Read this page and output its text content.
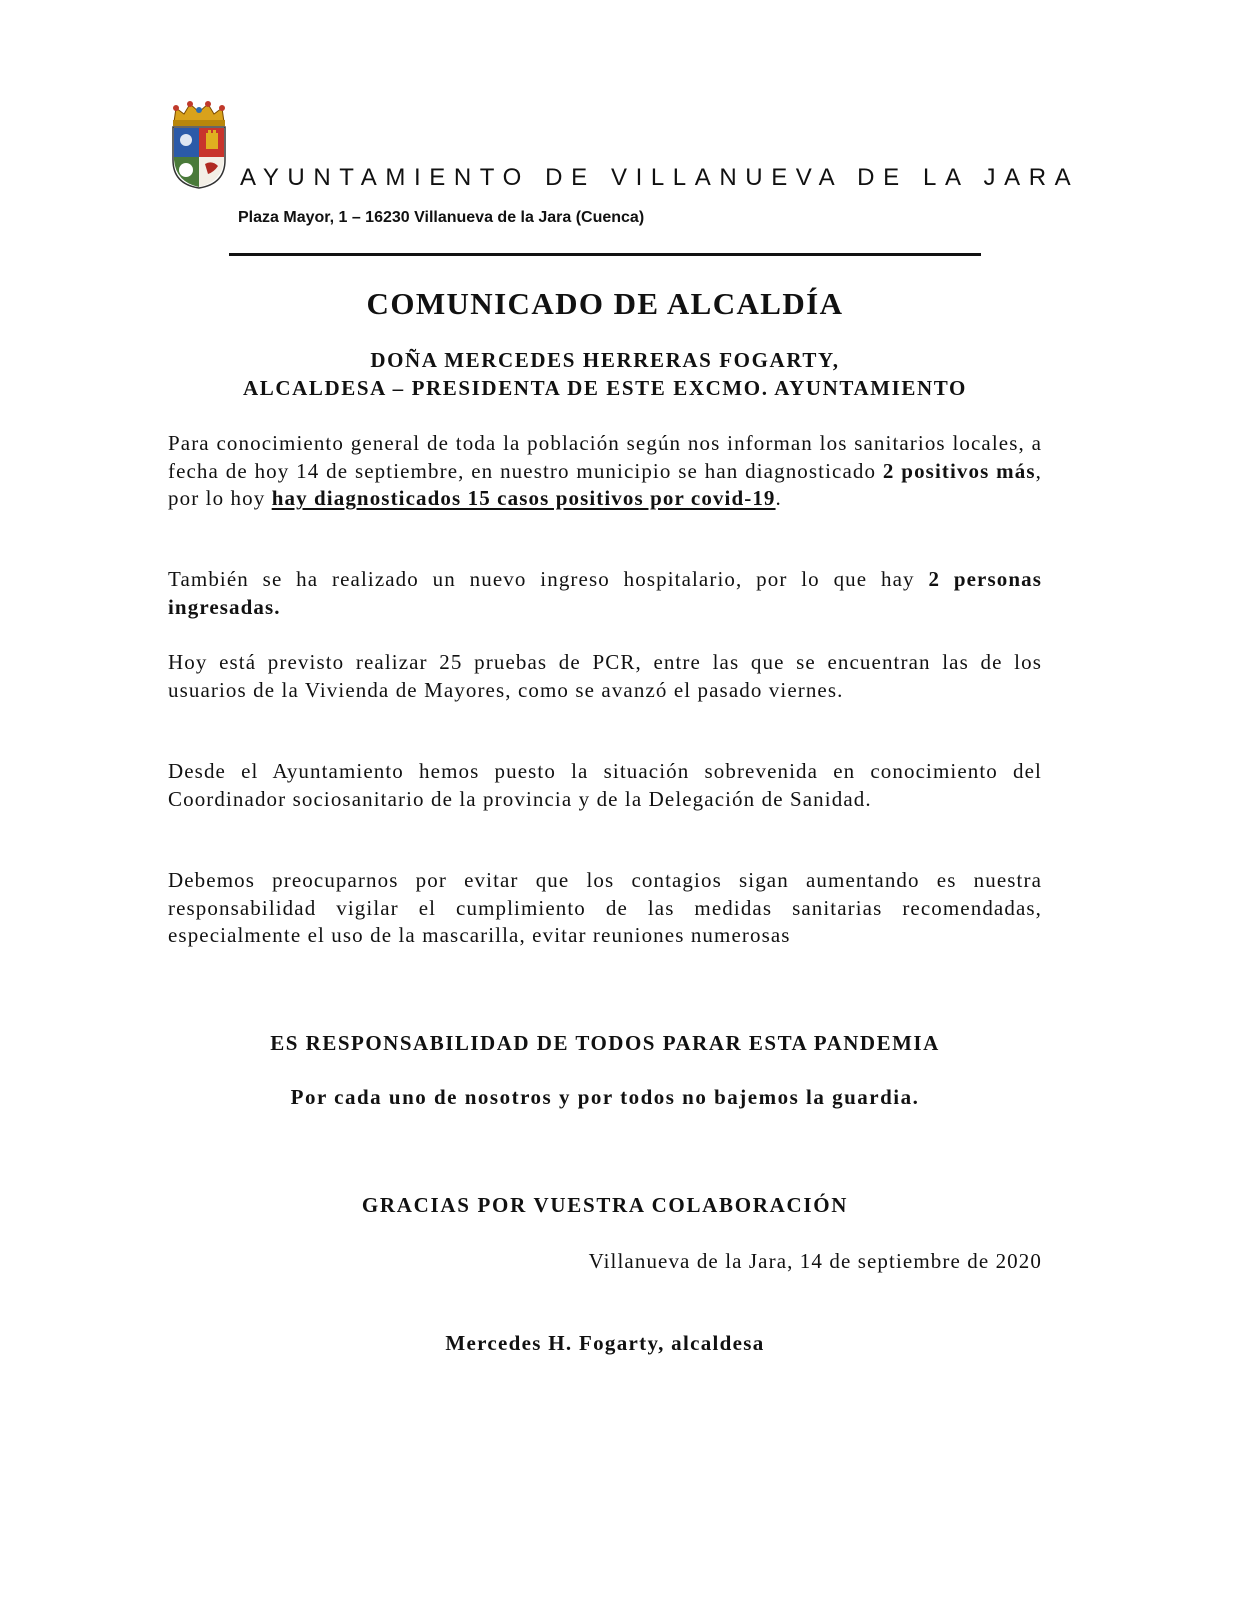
AYUNTAMIENTO DE VILLANUEVA DE LA JARA
Plaza Mayor, 1 – 16230 Villanueva de la Jara (Cuenca)
COMUNICADO DE ALCALDÍA
DOÑA MERCEDES HERRERAS FOGARTY,
ALCALDESA – PRESIDENTA DE ESTE EXCMO. AYUNTAMIENTO
Para conocimiento general de toda la población según nos informan los sanitarios locales, a fecha de hoy 14 de septiembre, en nuestro municipio se han diagnosticado 2 positivos más, por lo hoy hay diagnosticados 15 casos positivos por covid-19.
También se ha realizado un nuevo ingreso hospitalario, por lo que hay 2 personas ingresadas.
Hoy está previsto realizar 25 pruebas de PCR, entre las que se encuentran las de los usuarios de la Vivienda de Mayores, como se avanzó el pasado viernes.
Desde el Ayuntamiento hemos puesto la situación sobrevenida en conocimiento del Coordinador sociosanitario de la provincia y de la Delegación de Sanidad.
Debemos preocuparnos por evitar que los contagios sigan aumentando es nuestra responsabilidad vigilar el cumplimiento de las medidas sanitarias recomendadas, especialmente el uso de la mascarilla, evitar reuniones numerosas
ES RESPONSABILIDAD DE TODOS PARAR ESTA PANDEMIA
Por cada uno de nosotros y por todos no bajemos la guardia.
GRACIAS POR VUESTRA COLABORACIÓN
Villanueva de la Jara, 14 de septiembre de 2020
Mercedes H. Fogarty, alcaldesa
